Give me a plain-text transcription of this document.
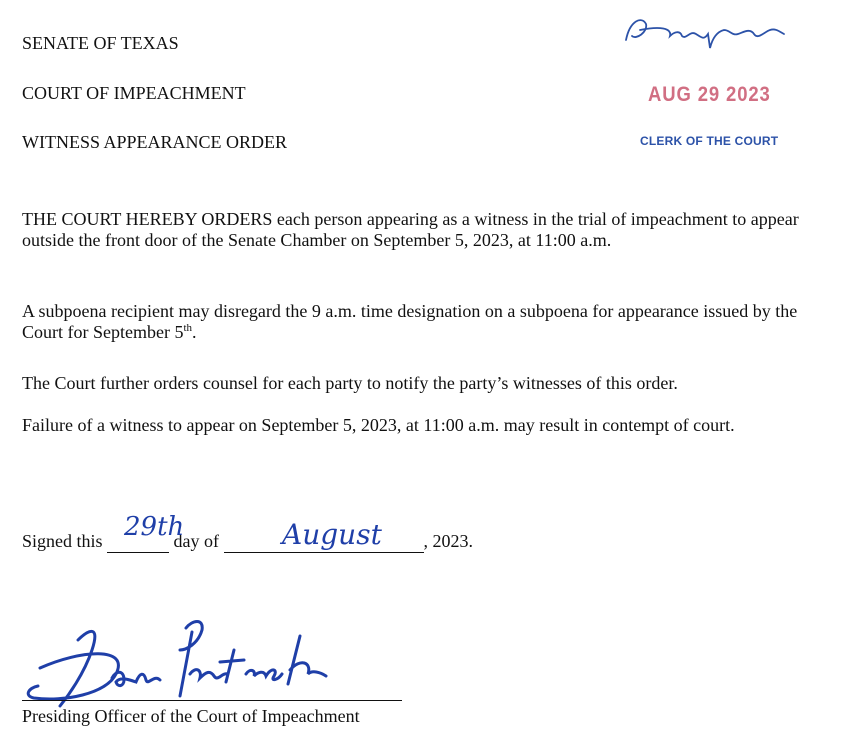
SENATE OF TEXAS
COURT OF IMPEACHMENT
WITNESS APPEARANCE ORDER
AUG 29 2023
CLERK OF THE COURT
THE COURT HEREBY ORDERS each person appearing as a witness in the trial of impeachment to appear outside the front door of the Senate Chamber on September 5, 2023, at 11:00 a.m.
A subpoena recipient may disregard the 9 a.m. time designation on a subpoena for appearance issued by the Court for September 5th.
The Court further orders counsel for each party to notify the party’s witnesses of this order.
Failure of a witness to appear on September 5, 2023, at 11:00 a.m. may result in contempt of court.
Signed this	day of	, 2023.
29th	August
Presiding Officer of the Court of Impeachment
